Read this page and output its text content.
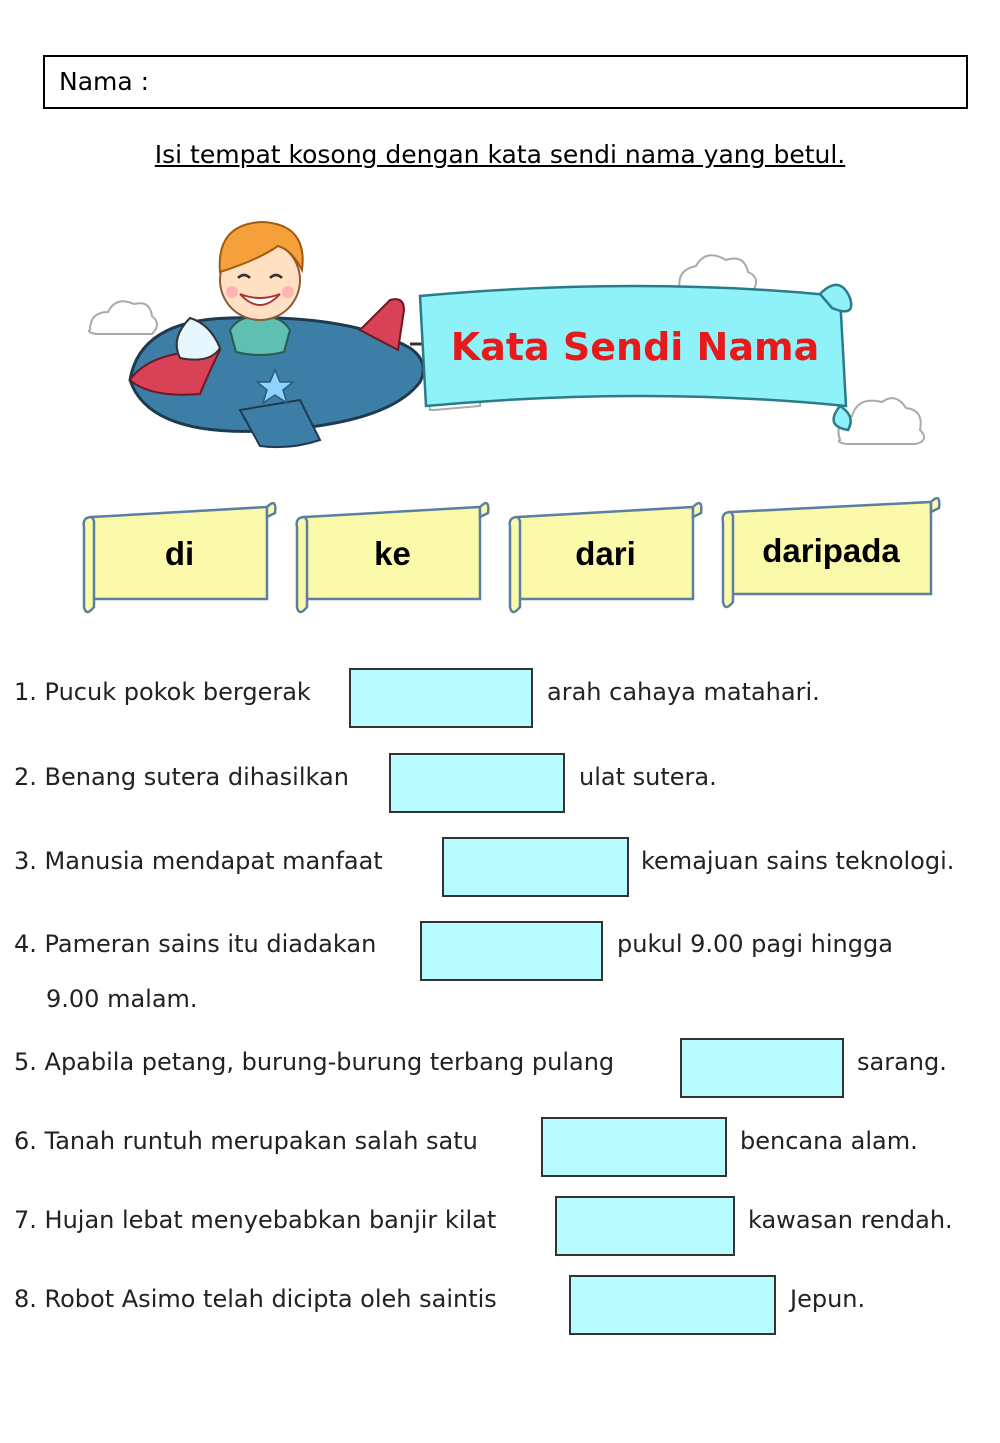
Nama :
Isi tempat kosong dengan kata sendi nama yang betul.
Kata Sendi Nama
di	ke	dari	daripada
1. Pucuk pokok bergerak	arah cahaya matahari.
2. Benang sutera dihasilkan	ulat sutera.
3. Manusia mendapat manfaat	kemajuan sains teknologi.
4. Pameran sains itu diadakan	pukul 9.00 pagi hingga
9.00 malam.
5. Apabila petang, burung-burung terbang pulang	sarang.
6. Tanah runtuh merupakan salah satu	bencana alam.
7. Hujan lebat menyebabkan banjir kilat	kawasan rendah.
8. Robot Asimo telah dicipta oleh saintis	Jepun.
